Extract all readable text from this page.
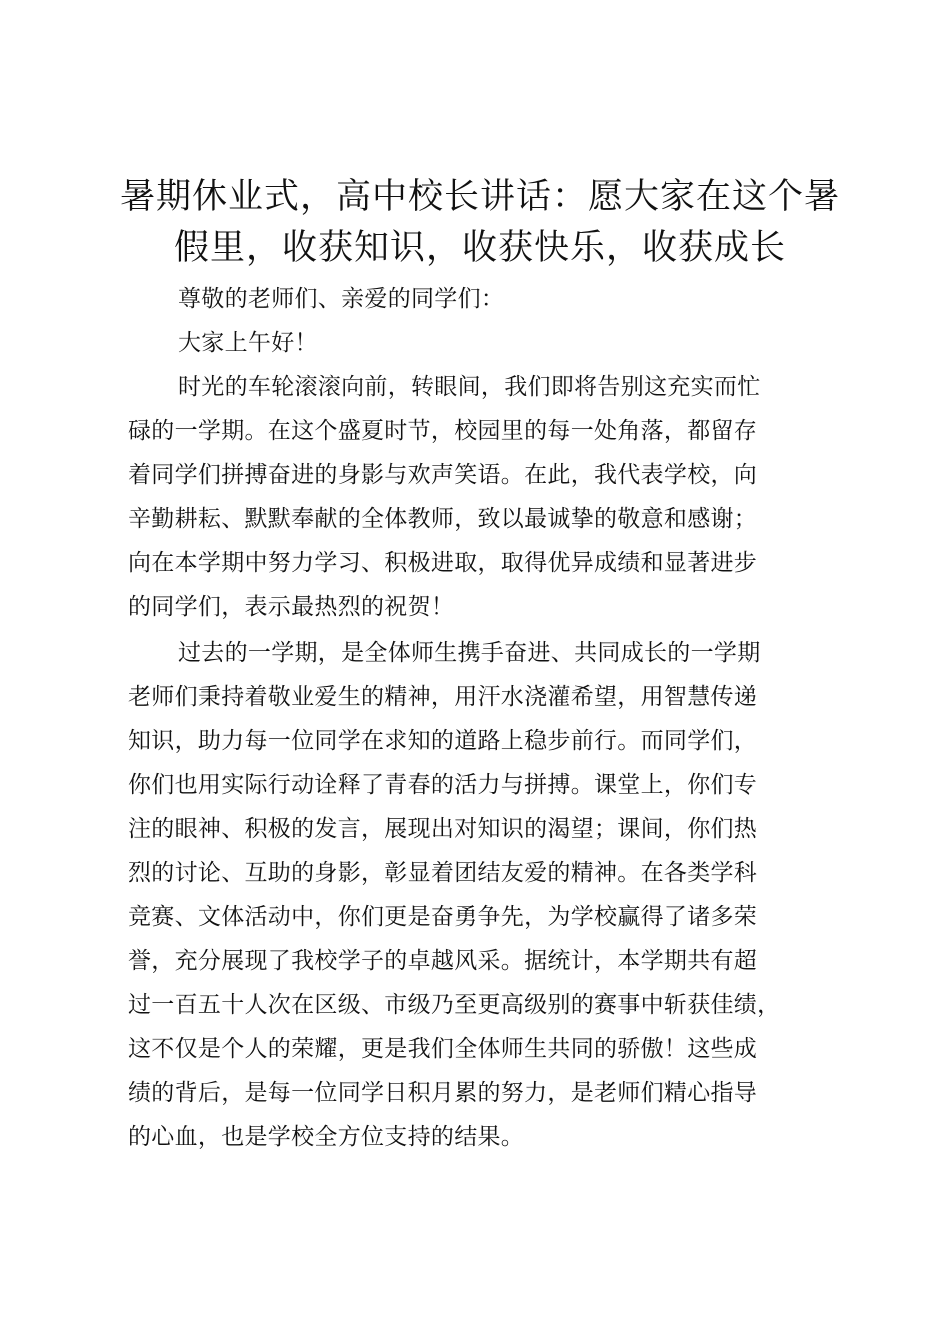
暑期休业式，高中校长讲话：愿大家在这个暑
假里，收获知识，收获快乐，收获成长
尊敬的老师们、亲爱的同学们：
大家上午好！
时光的车轮滚滚向前，转眼间，我们即将告别这充实而忙
碌的一学期。在这个盛夏时节，校园里的每一处角落，都留存
着同学们拼搏奋进的身影与欢声笑语。在此，我代表学校，向
辛勤耕耘、默默奉献的全体教师，致以最诚挚的敬意和感谢；
向在本学期中努力学习、积极进取，取得优异成绩和显著进步
的同学们，表示最热烈的祝贺！
过去的一学期，是全体师生携手奋进、共同成长的一学期
老师们秉持着敬业爱生的精神，用汗水浇灌希望，用智慧传递
知识，助力每一位同学在求知的道路上稳步前行。而同学们，
你们也用实际行动诠释了青春的活力与拼搏。课堂上，你们专
注的眼神、积极的发言，展现出对知识的渴望；课间，你们热
烈的讨论、互助的身影，彰显着团结友爱的精神。在各类学科
竞赛、文体活动中，你们更是奋勇争先，为学校赢得了诸多荣
誉，充分展现了我校学子的卓越风采。据统计，本学期共有超
过一百五十人次在区级、市级乃至更高级别的赛事中斩获佳绩，
这不仅是个人的荣耀，更是我们全体师生共同的骄傲！这些成
绩的背后，是每一位同学日积月累的努力，是老师们精心指导
的心血，也是学校全方位支持的结果。
